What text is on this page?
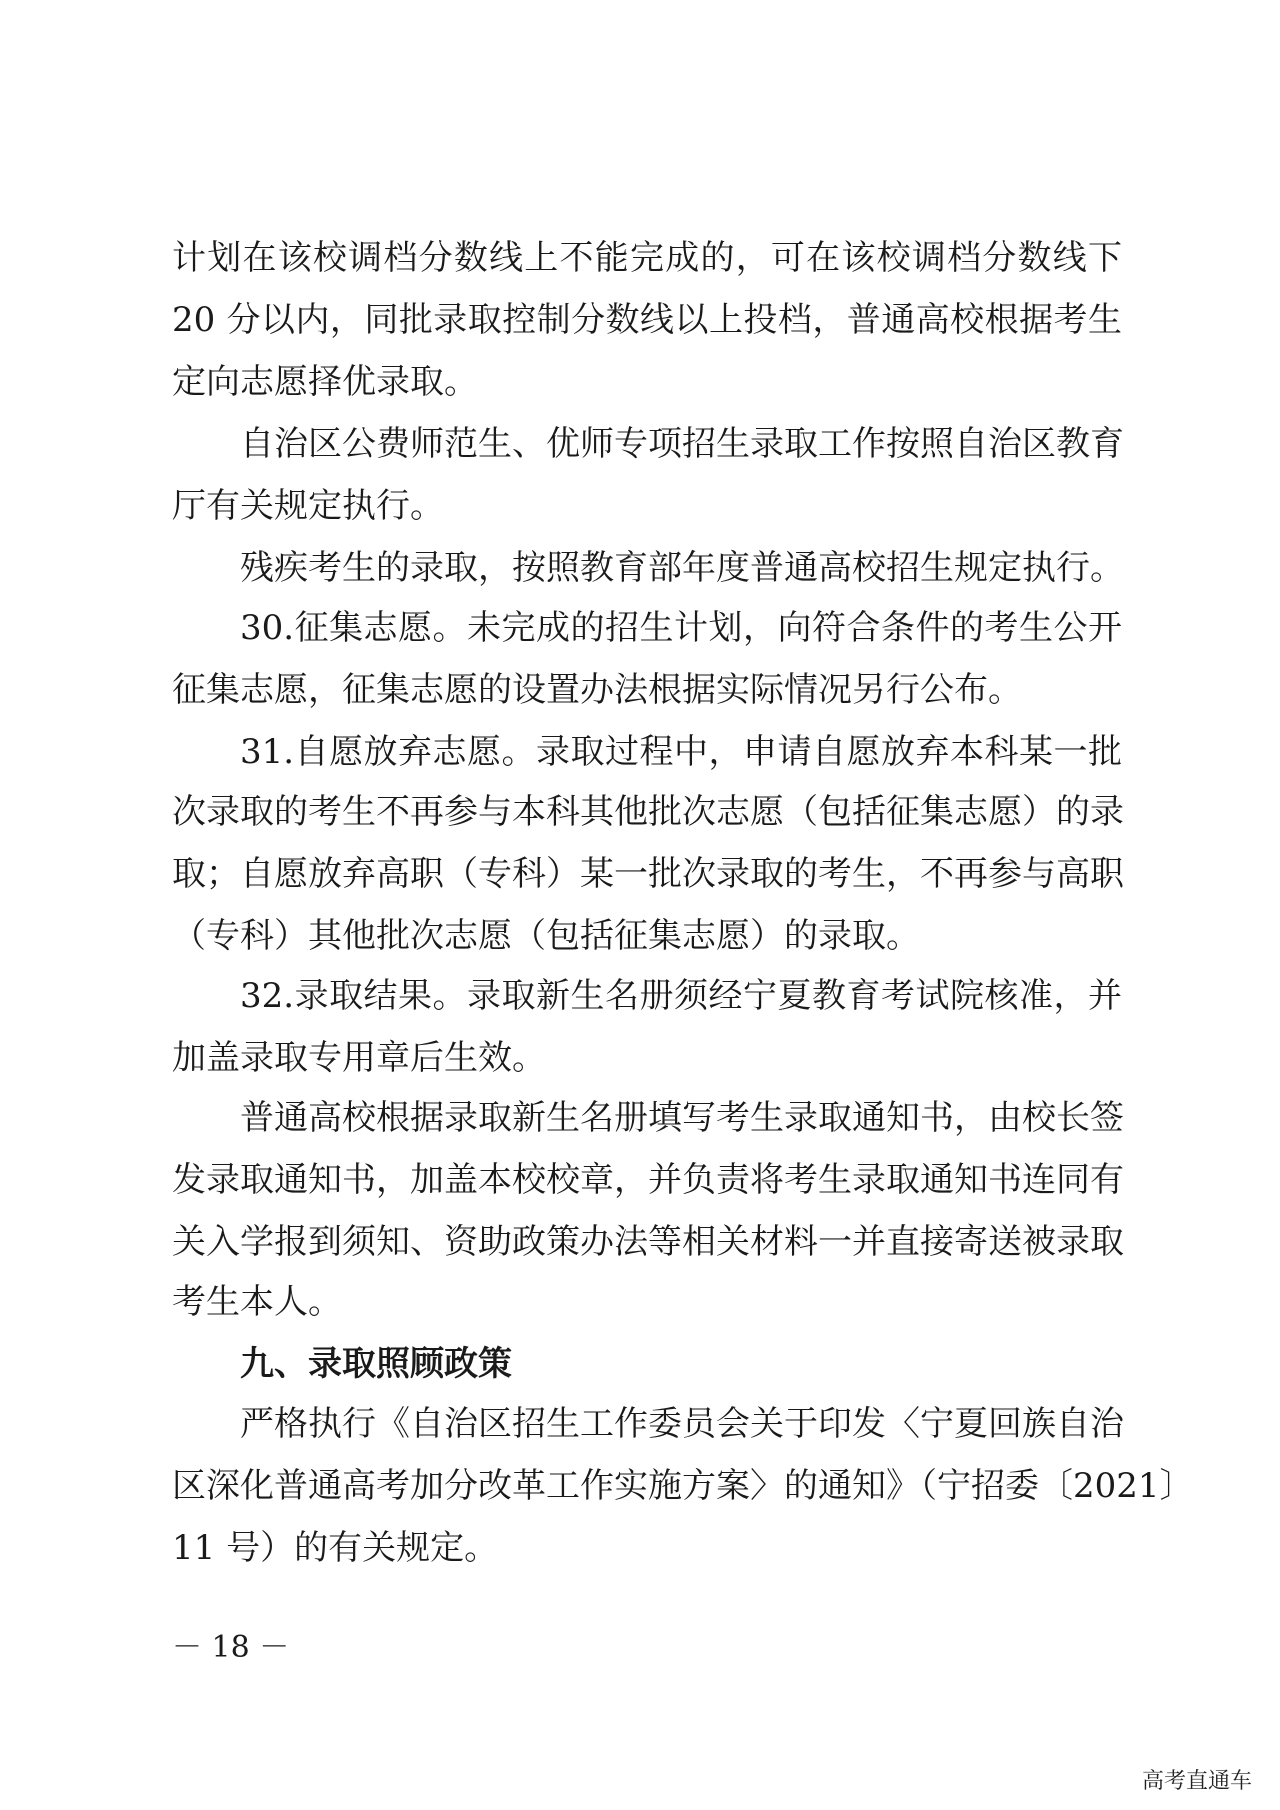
计划在该校调档分数线上不能完成的，可在该校调档分数线下
20 分以内，同批录取控制分数线以上投档，普通高校根据考生
定向志愿择优录取。
自治区公费师范生、优师专项招生录取工作按照自治区教育
厅有关规定执行。
残疾考生的录取，按照教育部年度普通高校招生规定执行。
30.征集志愿。未完成的招生计划，向符合条件的考生公开
征集志愿，征集志愿的设置办法根据实际情况另行公布。
31.自愿放弃志愿。录取过程中，申请自愿放弃本科某一批
次录取的考生不再参与本科其他批次志愿（包括征集志愿）的录
取；自愿放弃高职（专科）某一批次录取的考生，不再参与高职
（专科）其他批次志愿（包括征集志愿）的录取。
32.录取结果。录取新生名册须经宁夏教育考试院核准，并
加盖录取专用章后生效。
普通高校根据录取新生名册填写考生录取通知书，由校长签
发录取通知书，加盖本校校章，并负责将考生录取通知书连同有
关入学报到须知、资助政策办法等相关材料一并直接寄送被录取
考生本人。
九、录取照顾政策
严格执行《自治区招生工作委员会关于印发〈宁夏回族自治
区深化普通高考加分改革工作实施方案〉的通知》（宁招委〔2021〕
11 号）的有关规定。
－ 18 －
高考直通车
